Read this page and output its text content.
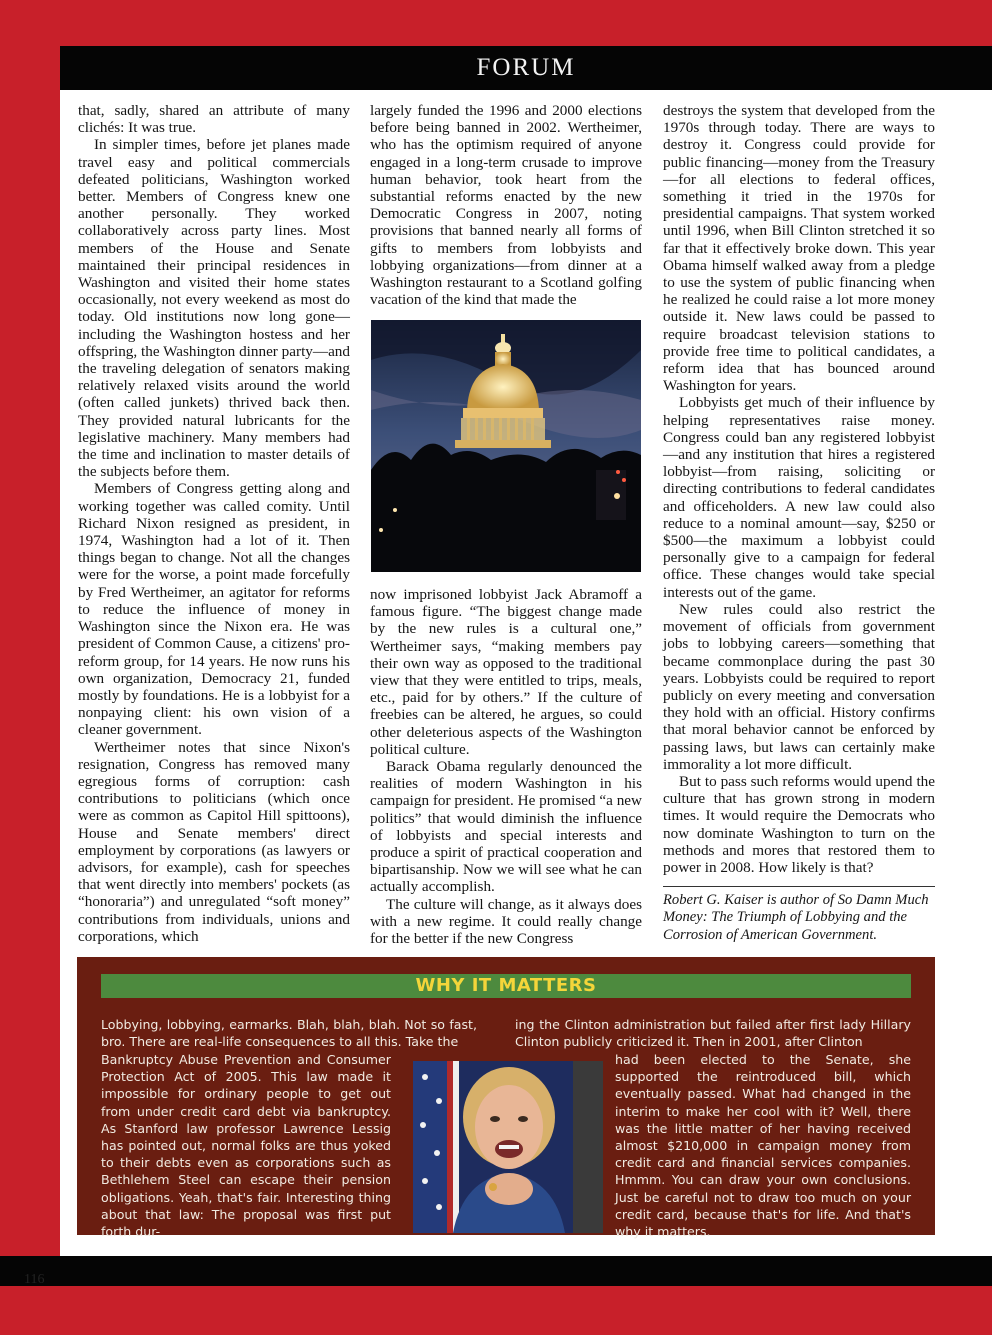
FORUM

that, sadly, shared an attribute of many clichés: It was true.

In simpler times, before jet planes made travel easy and political commercials defeated politicians, Washington worked better. Members of Congress knew one another personally. They worked collaboratively across party lines. Most members of the House and Senate maintained their principal residences in Washington and visited their home states occasionally, not every weekend as most do today. Old institutions now long gone—including the Washington hostess and her offspring, the Washington dinner party—and the traveling delegation of senators making relatively relaxed visits around the world (often called junkets) thrived back then. They provided natural lubricants for the legislative machinery. Many members had the time and inclination to master details of the subjects before them.

Members of Congress getting along and working together was called comity. Until Richard Nixon resigned as president, in 1974, Washington had a lot of it. Then things began to change. Not all the changes were for the worse, a point made forcefully by Fred Wertheimer, an agitator for reforms to reduce the influence of money in Washington since the Nixon era. He was president of Common Cause, a citizens' pro-reform group, for 14 years. He now runs his own organization, Democracy 21, funded mostly by foundations. He is a lobbyist for a nonpaying client: his own vision of a cleaner government.

Wertheimer notes that since Nixon's resignation, Congress has removed many egregious forms of corruption: cash contributions to politicians (which once were as common as Capitol Hill spittoons), House and Senate members' direct employment by corporations (as lawyers or advisors, for example), cash for speeches that went directly into members' pockets (as “honoraria”) and unregulated “soft money” contributions from individuals, unions and corporations, which

largely funded the 1996 and 2000 elections before being banned in 2002. Wertheimer, who has the optimism required of anyone engaged in a long-term crusade to improve human behavior, took heart from the substantial reforms enacted by the new Democratic Congress in 2007, noting provisions that banned nearly all forms of gifts to members from lobbyists and lobbying organizations—from dinner at a Washington restaurant to a Scotland golfing vacation of the kind that made the

now imprisoned lobbyist Jack Abramoff a famous figure. “The biggest change made by the new rules is a cultural one,” Wertheimer says, “making members pay their own way as opposed to the traditional view that they were entitled to trips, meals, etc., paid for by others.” If the culture of freebies can be altered, he argues, so could other deleterious aspects of the Washington political culture.

Barack Obama regularly denounced the realities of modern Washington in his campaign for president. He promised “a new politics” that would diminish the influence of lobbyists and special interests and produce a spirit of practical cooperation and bipartisanship. Now we will see what he can actually accomplish.

The culture will change, as it always does with a new regime. It could really change for the better if the new Congress

destroys the system that developed from the 1970s through today. There are ways to destroy it. Congress could provide for public financing—money from the Treasury—for all elections to federal offices, something it tried in the 1970s for presidential campaigns. That system worked until 1996, when Bill Clinton stretched it so far that it effectively broke down. This year Obama himself walked away from a pledge to use the system of public financing when he realized he could raise a lot more money outside it. New laws could be passed to require broadcast television stations to provide free time to political candidates, a reform idea that has bounced around Washington for years.

Lobbyists get much of their influence by helping representatives raise money. Congress could ban any registered lobbyist—and any institution that hires a registered lobbyist—from raising, soliciting or directing contributions to federal candidates and officeholders. A new law could also reduce to a nominal amount—say, $250 or $500—the maximum a lobbyist could personally give to a campaign for federal office. These changes would take special interests out of the game.

New rules could also restrict the movement of officials from government jobs to lobbying careers—something that became commonplace during the past 30 years. Lobbyists could be required to report publicly on every meeting and conversation they hold with an official. History confirms that moral behavior cannot be enforced by passing laws, but laws can certainly make immorality a lot more difficult.

But to pass such reforms would upend the culture that has grown strong in modern times. It would require the Democrats who now dominate Washington to turn on the methods and mores that restored them to power in 2008. How likely is that?

Robert G. Kaiser is author of So Damn Much Money: The Triumph of Lobbying and the Corrosion of American Government.
WHY IT MATTERS
Lobbying, lobbying, earmarks. Blah, blah, blah. Not so fast, bro. There are real-life consequences to all this. Take the
Bankruptcy Abuse Prevention and Consumer Protection Act of 2005. This law made it impossible for ordinary people to get out from under credit card debt via bankruptcy. As Stanford law professor Lawrence Lessig has pointed out, normal folks are thus yoked to their debts even as corporations such as Bethlehem Steel can escape their pension obligations. Yeah, that's fair. Interesting thing about that law: The proposal was first put forth dur-
ing the Clinton administration but failed after first lady Hillary Clinton publicly criticized it. Then in 2001, after Clinton
had been elected to the Senate, she supported the reintroduced bill, which eventually passed. What had changed in the interim to make her cool with it? Well, there was the little matter of her having received almost $210,000 in campaign money from credit card and financial services companies. Hmmm. You can draw your own conclusions. Just be careful not to draw too much on your credit card, because that's for life. And that's why it matters.
116
